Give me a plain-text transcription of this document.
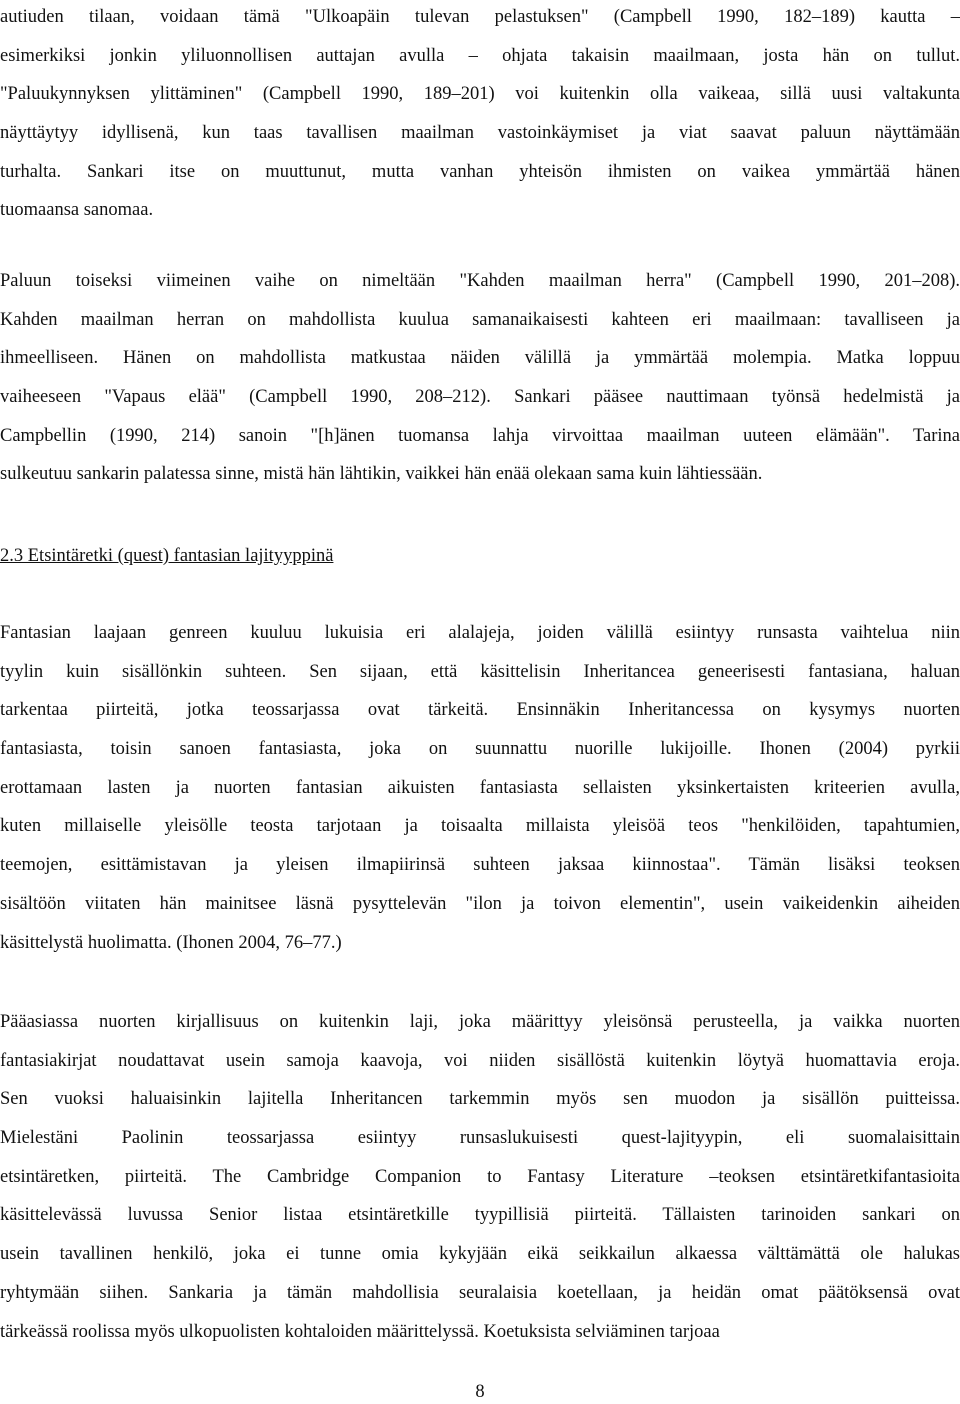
autiuden tilaan, voidaan tämä "Ulkoapäin tulevan pelastuksen" (Campbell 1990, 182–189) kautta –
esimerkiksi jonkin yliluonnollisen auttajan avulla – ohjata takaisin maailmaan, josta hän on tullut.
"Paluukynnyksen ylittäminen" (Campbell 1990, 189–201) voi kuitenkin olla vaikeaa, sillä uusi valtakunta
näyttäytyy idyllisenä, kun taas tavallisen maailman vastoinkäymiset ja viat saavat paluun näyttämään
turhalta. Sankari itse on muuttunut, mutta vanhan yhteisön ihmisten on vaikea ymmärtää hänen
tuomaansa sanomaa.
Paluun toiseksi viimeinen vaihe on nimeltään "Kahden maailman herra" (Campbell 1990, 201–208).
Kahden maailman herran on mahdollista kuulua samanaikaisesti kahteen eri maailmaan: tavalliseen ja
ihmeelliseen. Hänen on mahdollista matkustaa näiden välillä ja ymmärtää molempia. Matka loppuu
vaiheeseen "Vapaus elää" (Campbell 1990, 208–212). Sankari pääsee nauttimaan työnsä hedelmistä ja
Campbellin (1990, 214) sanoin "[h]änen tuomansa lahja virvoittaa maailman uuteen elämään". Tarina
sulkeutuu sankarin palatessa sinne, mistä hän lähtikin, vaikkei hän enää olekaan sama kuin lähtiessään.
2.3 Etsintäretki (quest) fantasian lajityyppinä
Fantasian laajaan genreen kuuluu lukuisia eri alalajeja, joiden välillä esiintyy runsasta vaihtelua niin
tyylin kuin sisällönkin suhteen. Sen sijaan, että käsittelisin Inheritancea geneerisesti fantasiana, haluan
tarkentaa piirteitä, jotka teossarjassa ovat tärkeitä. Ensinnäkin Inheritancessa on kysymys nuorten
fantasiasta, toisin sanoen fantasiasta, joka on suunnattu nuorille lukijoille. Ihonen (2004) pyrkii
erottamaan lasten ja nuorten fantasian aikuisten fantasiasta sellaisten yksinkertaisten kriteerien avulla,
kuten millaiselle yleisölle teosta tarjotaan ja toisaalta millaista yleisöä teos "henkilöiden, tapahtumien,
teemojen, esittämistavan ja yleisen ilmapiirinsä suhteen jaksaa kiinnostaa". Tämän lisäksi teoksen
sisältöön viitaten hän mainitsee läsnä pysyttelevän "ilon ja toivon elementin", usein vaikeidenkin aiheiden
käsittelystä huolimatta. (Ihonen 2004, 76–77.)
Pääasiassa nuorten kirjallisuus on kuitenkin laji, joka määrittyy yleisönsä perusteella, ja vaikka nuorten
fantasiakirjat noudattavat usein samoja kaavoja, voi niiden sisällöstä kuitenkin löytyä huomattavia eroja.
Sen vuoksi haluaisinkin lajitella Inheritancen tarkemmin myös sen muodon ja sisällön puitteissa.
Mielestäni Paolinin teossarjassa esiintyy runsaslukuisesti quest-lajityypin, eli suomalaisittain
etsintäretken, piirteitä. The Cambridge Companion to Fantasy Literature –teoksen etsintäretkifantasioita
käsittelevässä luvussa Senior listaa etsintäretkille tyypillisiä piirteitä. Tällaisten tarinoiden sankari on
usein tavallinen henkilö, joka ei tunne omia kykyjään eikä seikkailun alkaessa välttämättä ole halukas
ryhtymään siihen. Sankaria ja tämän mahdollisia seuralaisia koetellaan, ja heidän omat päätöksensä ovat
tärkeässä roolissa myös ulkopuolisten kohtaloiden määrittelyssä. Koetuksista selviäminen tarjoaa
8
